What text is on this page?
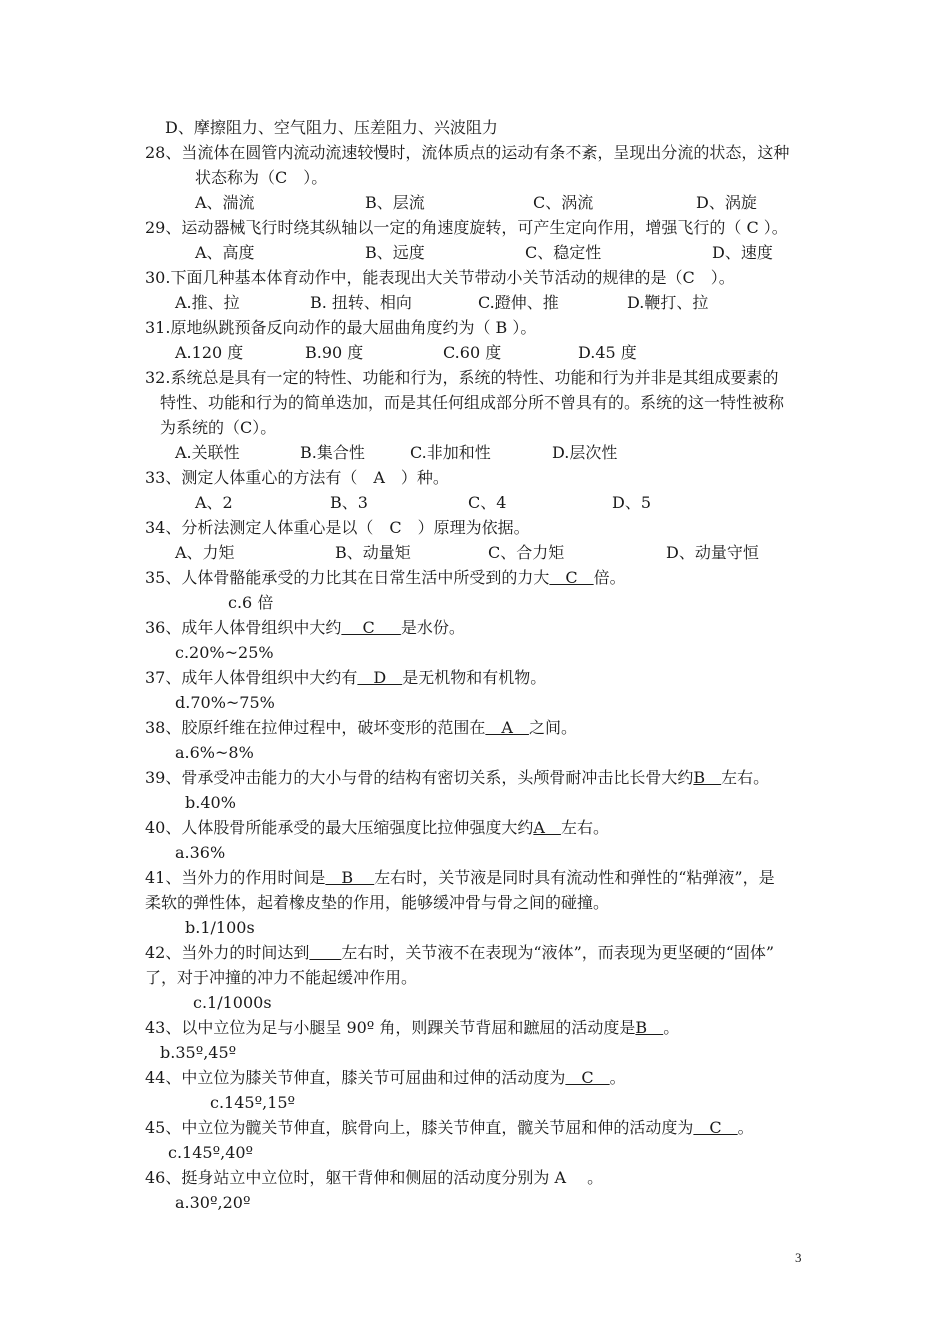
D、摩擦阻力、空气阻力、压差阻力、兴波阻力
28、当流体在圆管内流动流速较慢时，流体质点的运动有条不紊，呈现出分流的状态，这种
状态称为（C　）。
A、湍流	B、层流	C、涡流	D、涡旋
29、运动器械飞行时绕其纵轴以一定的角速度旋转，可产生定向作用，增强飞行的（ C ）。
A、高度	B、远度	C、稳定性	D、速度
30.下面几种基本体育动作中，能表现出大关节带动小关节活动的规律的是（C　）。
A.推、拉	B. 扭转、相向	C.蹬伸、推	D.鞭打、拉
31.原地纵跳预备反向动作的最大屈曲角度约为（ B ）。
A.120 度	B.90 度	C.60 度	D.45 度
32.系统总是具有一定的特性、功能和行为，系统的特性、功能和行为并非是其组成要素的
特性、功能和行为的简单迭加，而是其任何组成部分所不曾具有的。系统的这一特性被称
为系统的（C）。
A.关联性	B.集合性	C.非加和性	D.层次性
33、测定人体重心的方法有（　A　）种。
A、2	B、3	C、4	D、5
34、分析法测定人体重心是以（　C　）原理为依据。
A、力矩	B、动量矩	C、合力矩	D、动量守恒
35、人体骨骼能承受的力比其在日常生活中所受到的力大　C　倍。
c.6 倍
36、成年人体骨组织中大约　 C 　 是水份。
c.20%~25%
37、成年人体骨组织中大约有　D　是无机物和有机物。
d.70%~75%
38、胶原纤维在拉伸过程中，破坏变形的范围在　A　之间。
a.6%~8%
39、骨承受冲击能力的大小与骨的结构有密切关系，头颅骨耐冲击比长骨大约B　左右。
b.40%
40、人体股骨所能承受的最大压缩强度比拉伸强度大约A　左右。
a.36%
41、当外力的作用时间是　B　 左右时，关节液是同时具有流动性和弹性的“粘弹液”，是
柔软的弹性体，起着橡皮垫的作用，能够缓冲骨与骨之间的碰撞。
b.1/100s
42、当外力的时间达到　　 左右时，关节液不在表现为“液体”，而表现为更坚硬的“固体”
了，对于冲撞的冲力不能起缓冲作用。
c.1/1000s
43、以中立位为足与小腿呈 90º 角，则踝关节背屈和蹠屈的活动度是B　。
b.35º,45º
44、中立位为膝关节伸直，膝关节可屈曲和过伸的活动度为　C　。
c.145º,15º
45、中立位为髋关节伸直，膑骨向上，膝关节伸直，髋关节屈和伸的活动度为　C　。
c.145º,40º
46、挺身站立中立位时，躯干背伸和侧屈的活动度分别为 A　 。
a.30º,20º
3
